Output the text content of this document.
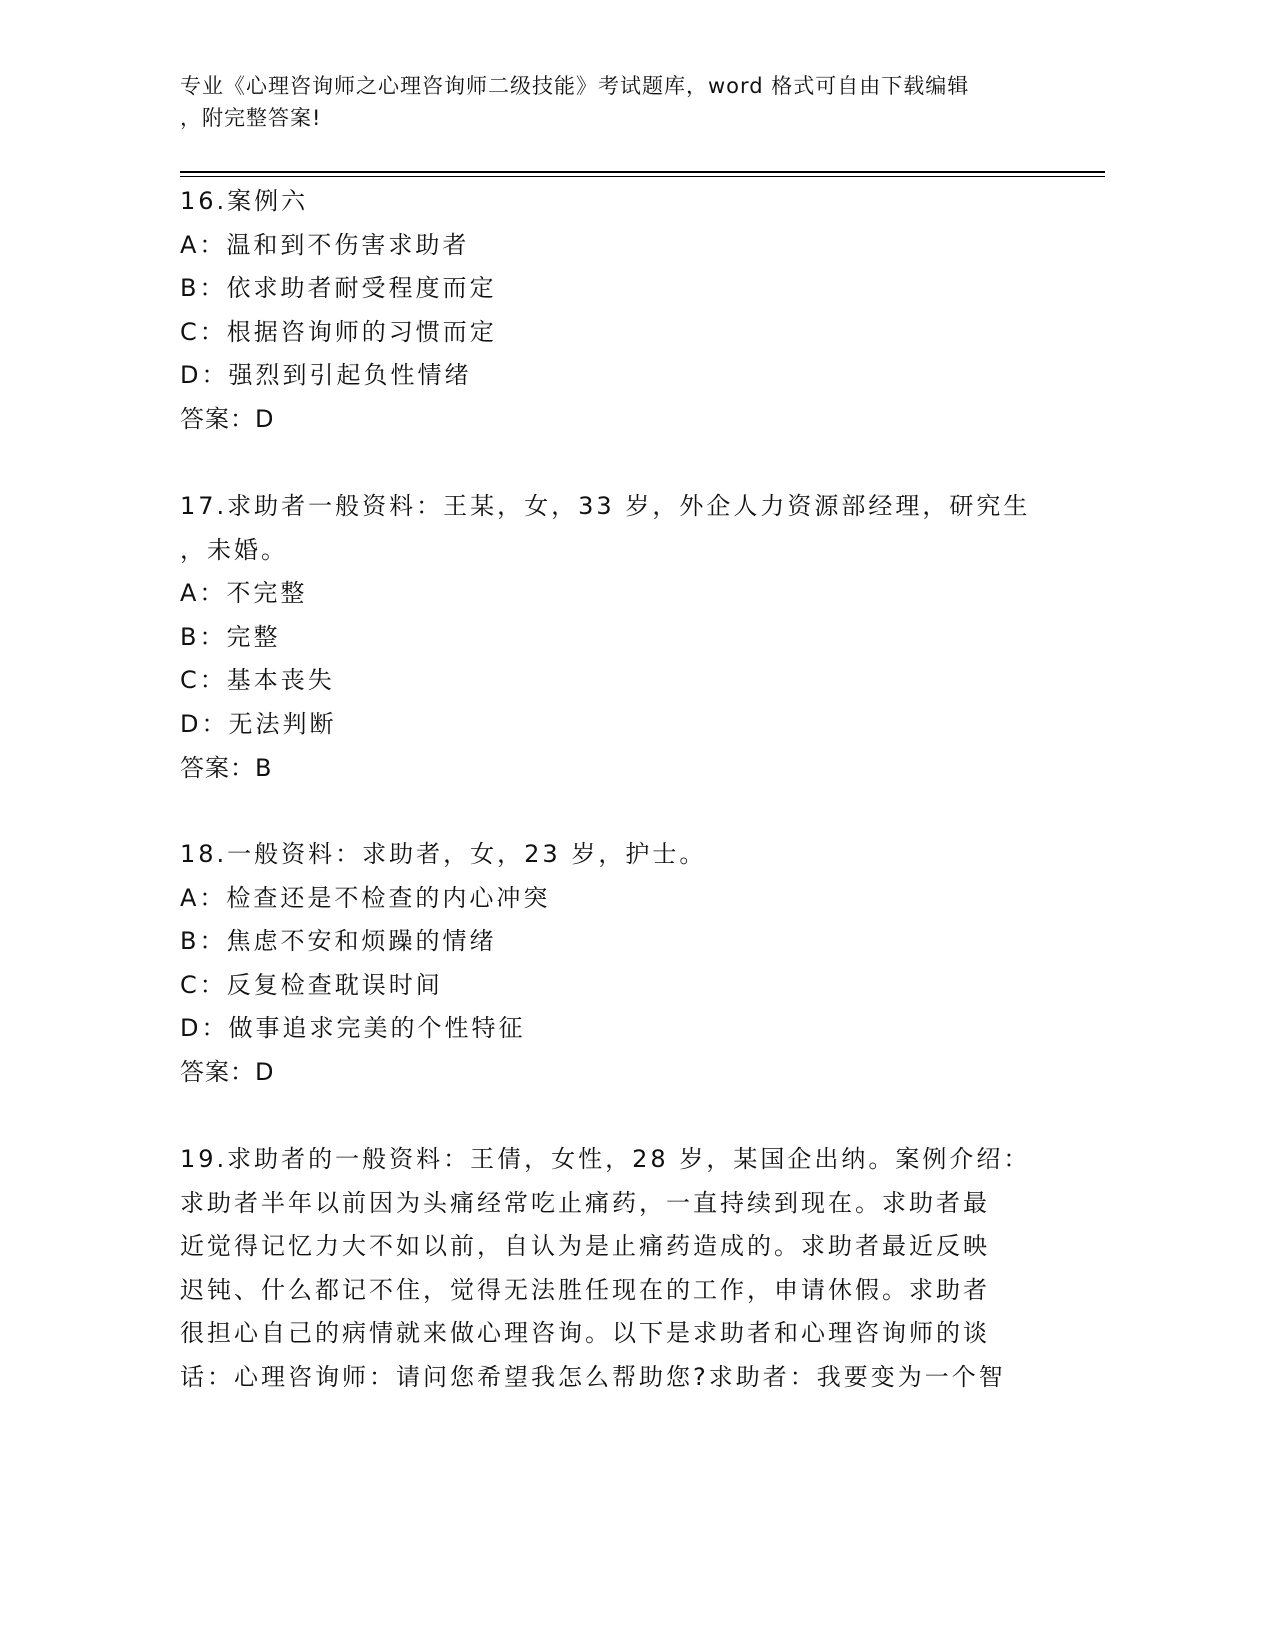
专业《心理咨询师之心理咨询师二级技能》考试题库，word 格式可自由下载编辑
，附完整答案!
16.案例六
A：温和到不伤害求助者
B：依求助者耐受程度而定
C：根据咨询师的习惯而定
D：强烈到引起负性情绪
答案：D
17.求助者一般资料：王某，女，33 岁，外企人力资源部经理，研究生
，未婚。
A：不完整
B：完整
C：基本丧失
D：无法判断
答案：B
18.一般资料：求助者，女，23 岁，护士。
A：检查还是不检查的内心冲突
B：焦虑不安和烦躁的情绪
C：反复检查耽误时间
D：做事追求完美的个性特征
答案：D
19.求助者的一般资料：王倩，女性，28 岁，某国企出纳。案例介绍：
求助者半年以前因为头痛经常吃止痛药，一直持续到现在。求助者最
近觉得记忆力大不如以前，自认为是止痛药造成的。求助者最近反映
迟钝、什么都记不住，觉得无法胜任现在的工作，申请休假。求助者
很担心自己的病情就来做心理咨询。以下是求助者和心理咨询师的谈
话：心理咨询师：请问您希望我怎么帮助您?求助者：我要变为一个智
